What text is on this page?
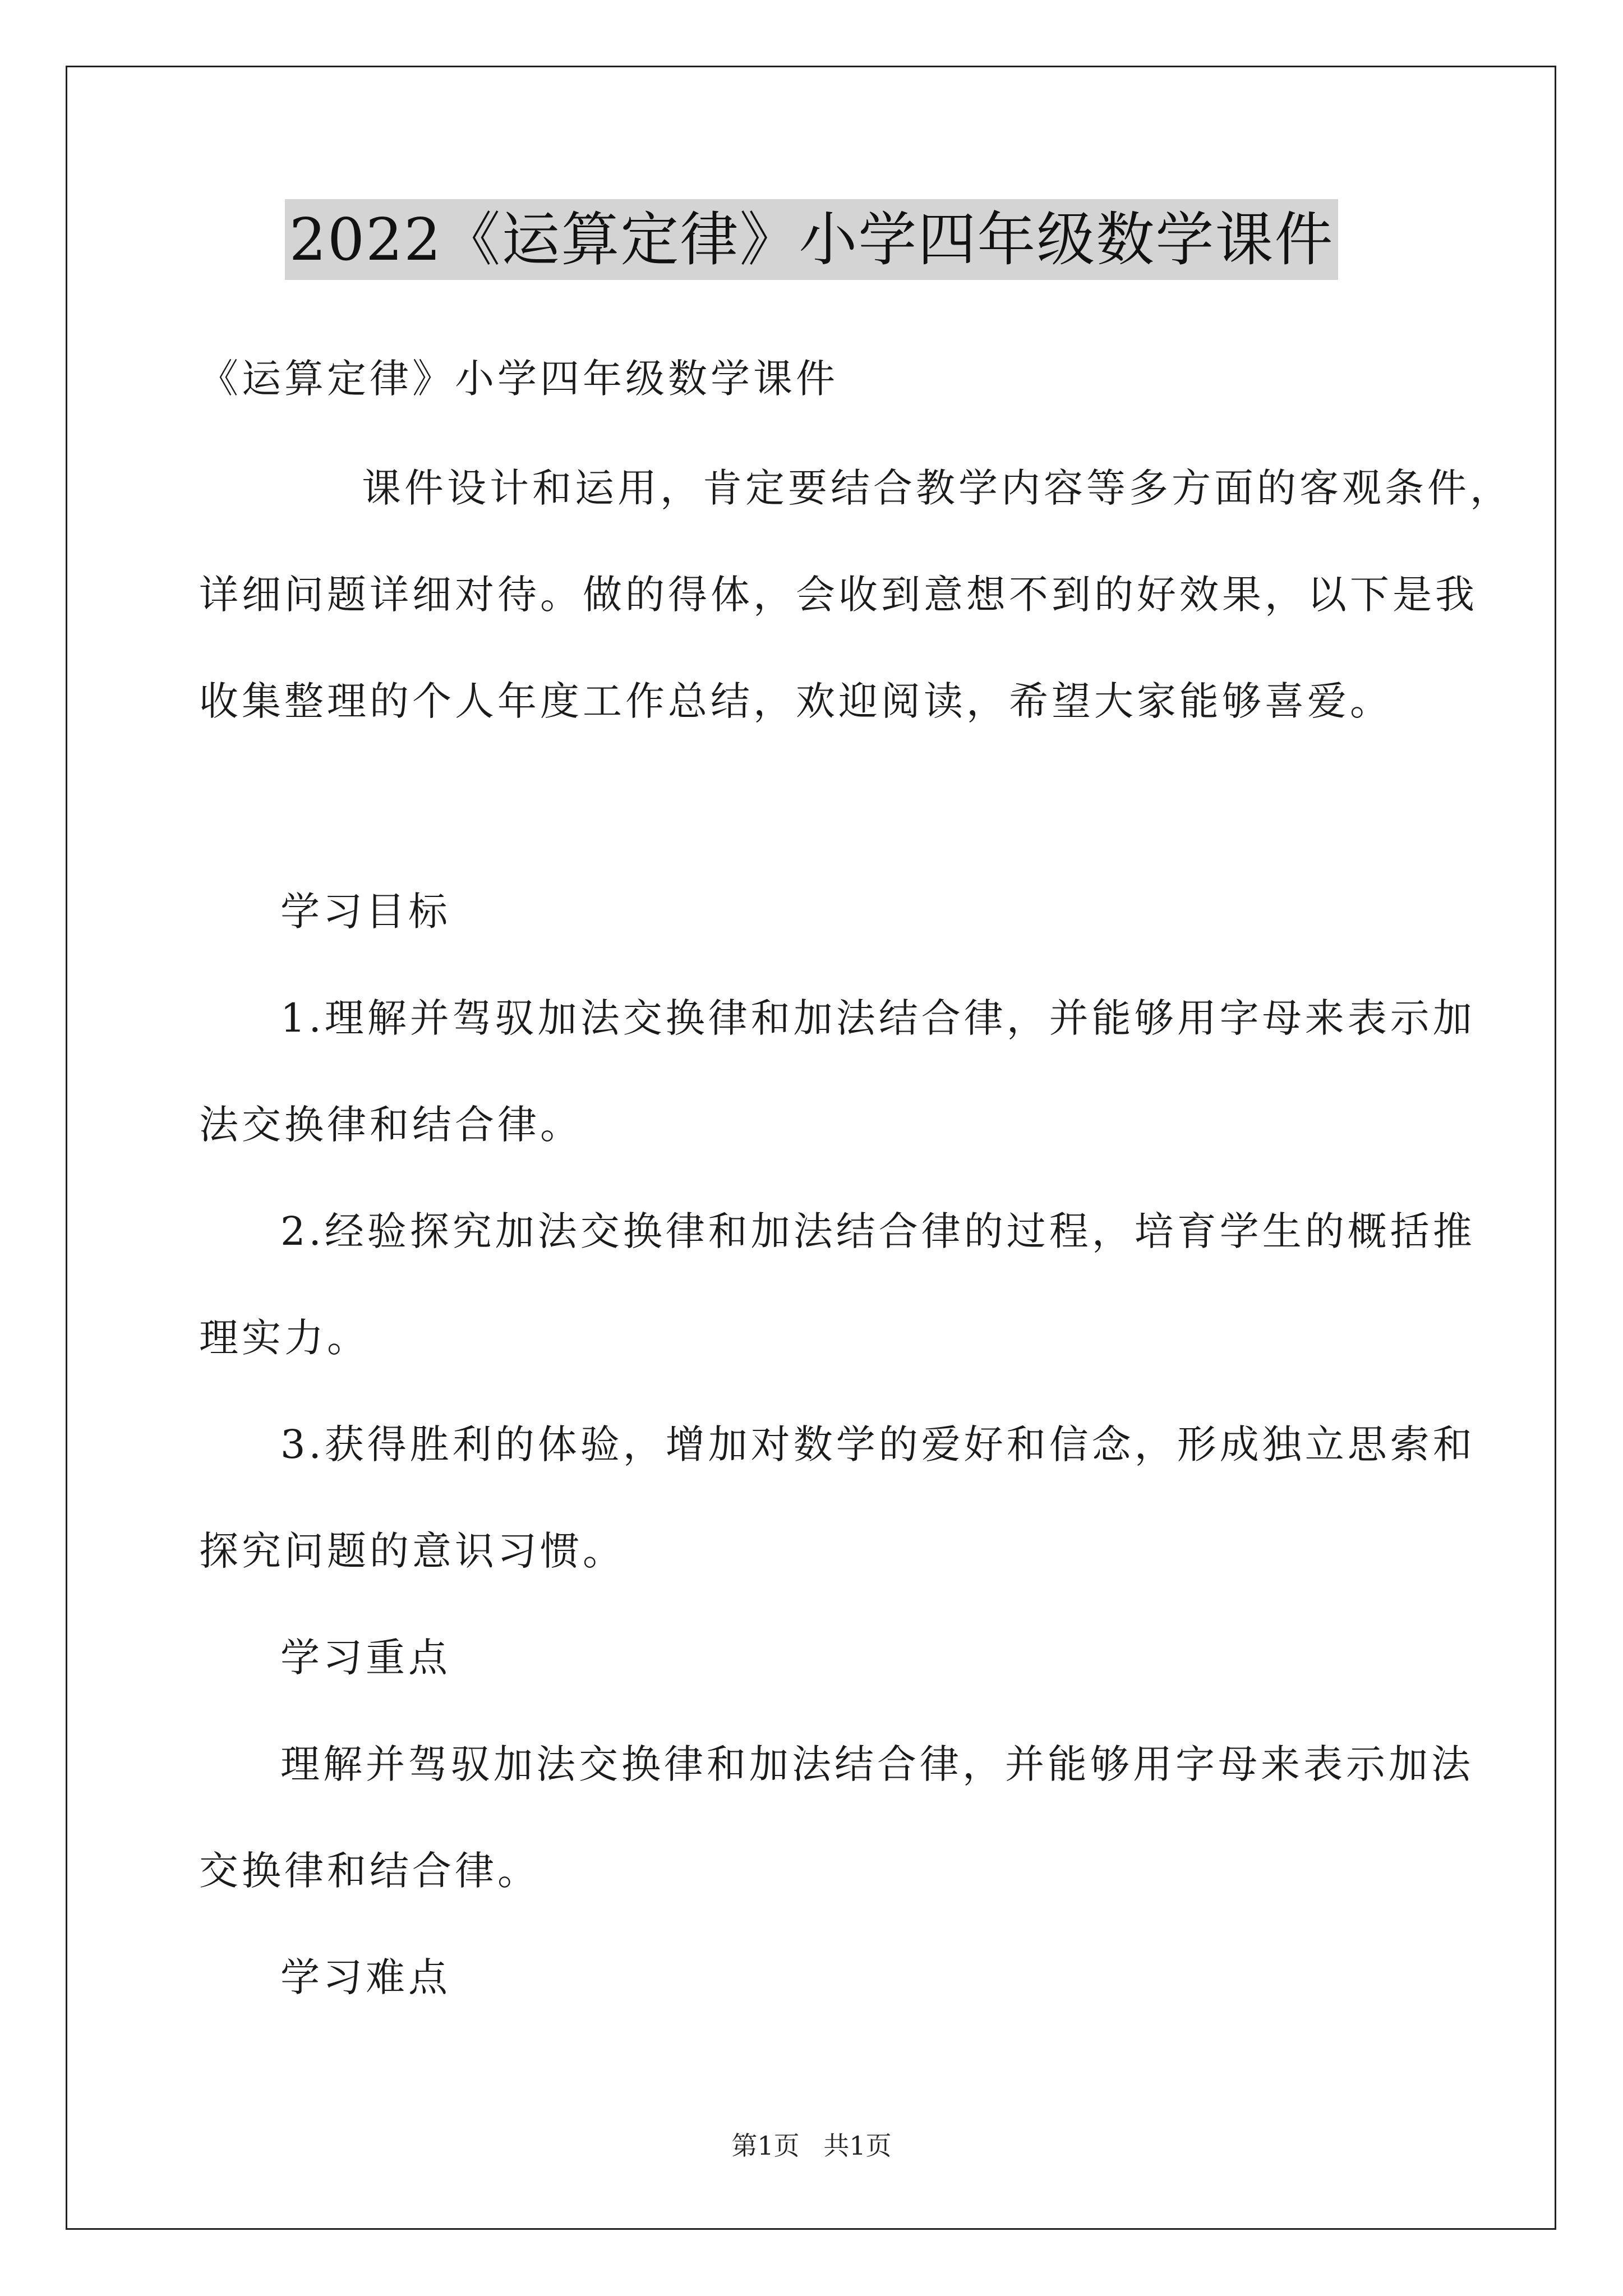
2022《运算定律》小学四年级数学课件
《运算定律》小学四年级数学课件
课件设计和运用，肯定要结合教学内容等多方面的客观条件，
详细问题详细对待。做的得体，会收到意想不到的好效果，以下是我
收集整理的个人年度工作总结，欢迎阅读，希望大家能够喜爱。
学习目标
1.理解并驾驭加法交换律和加法结合律，并能够用字母来表示加
法交换律和结合律。
2.经验探究加法交换律和加法结合律的过程，培育学生的概括推
理实力。
3.获得胜利的体验，增加对数学的爱好和信念，形成独立思索和
探究问题的意识习惯。
学习重点
理解并驾驭加法交换律和加法结合律，并能够用字母来表示加法
交换律和结合律。
学习难点
第1页 共1页
